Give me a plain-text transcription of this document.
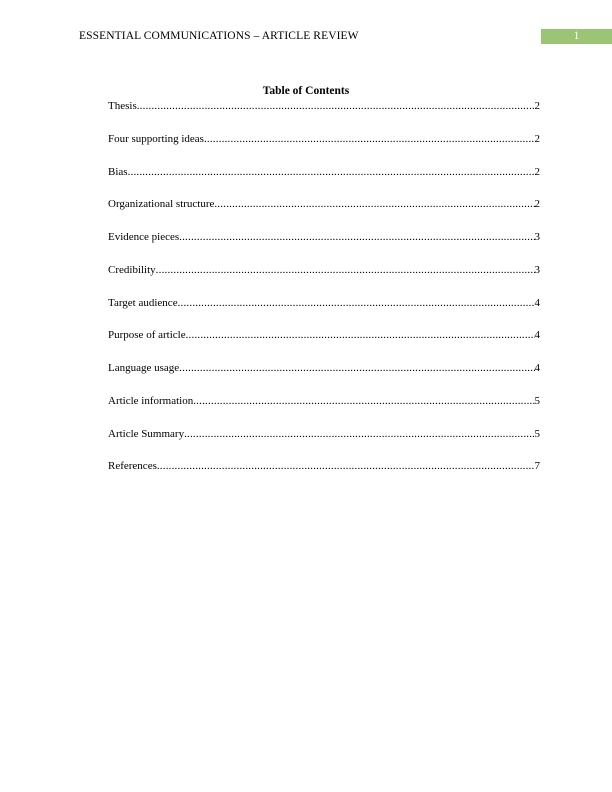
ESSENTIAL COMMUNICATIONS – ARTICLE REVIEW	1
Table of Contents
Thesis .....	2
Four supporting ideas .....	2
Bias .....	2
Organizational structure .....	2
Evidence pieces .....	3
Credibility .....	3
Target audience .....	4
Purpose of article .....	4
Language usage .....	4
Article information .....	5
Article Summary .....	5
References .....	7
